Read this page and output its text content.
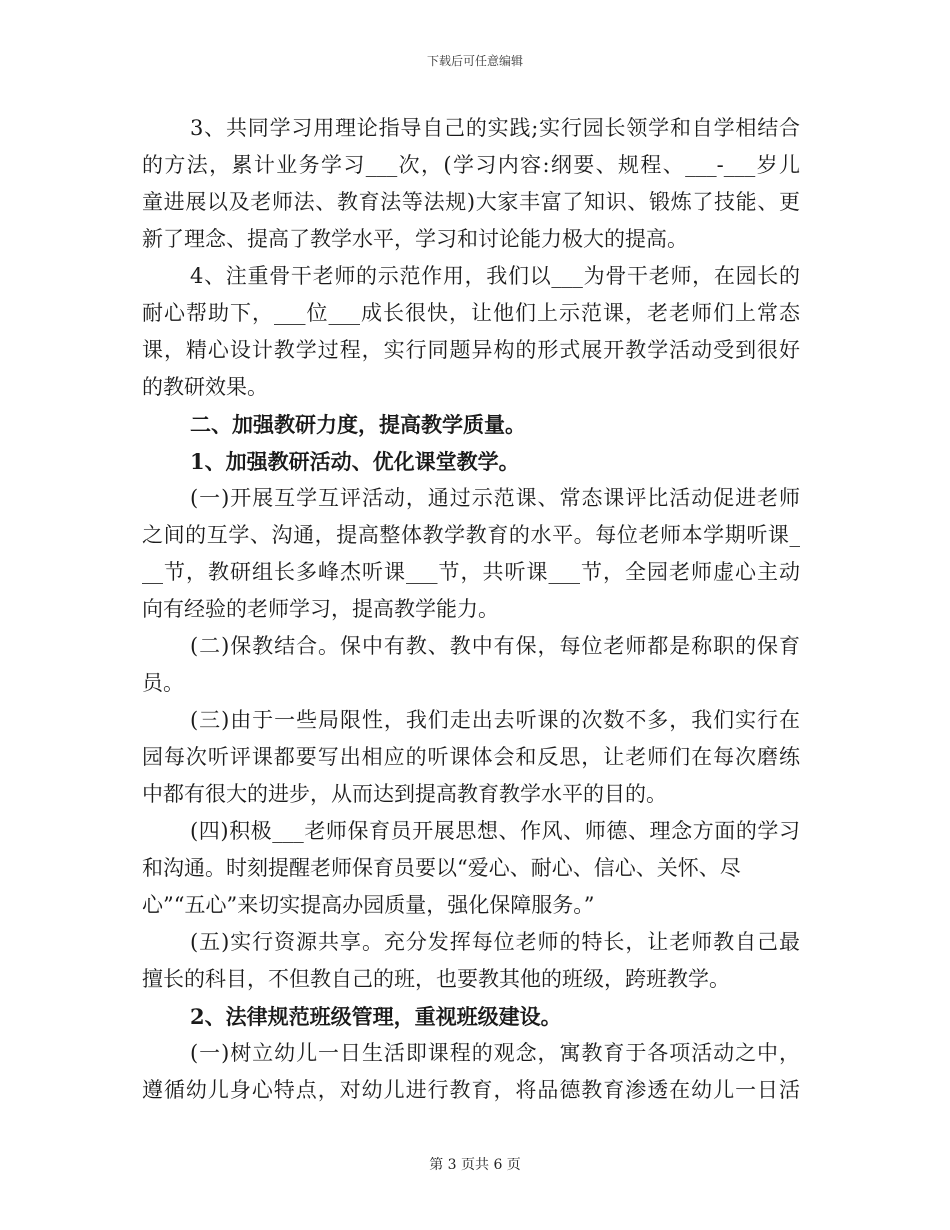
下载后可任意编辑
3、共同学习用理论指导自己的实践;实行园长领学和自学相结合
的方法，累计业务学习___次，(学习内容:纲要、规程、___-___岁儿
童进展以及老师法、教育法等法规)大家丰富了知识、锻炼了技能、更
新了理念、提高了教学水平，学习和讨论能力极大的提高。
4、注重骨干老师的示范作用，我们以___为骨干老师，在园长的
耐心帮助下，___位___成长很快，让他们上示范课，老老师们上常态
课，精心设计教学过程，实行同题异构的形式展开教学活动受到很好
的教研效果。
二、加强教研力度，提高教学质量。
1、加强教研活动、优化课堂教学。
(一)开展互学互评活动，通过示范课、常态课评比活动促进老师
之间的互学、沟通，提高整体教学教育的水平。每位老师本学期听课_
__节，教研组长多峰杰听课___节，共听课___节，全园老师虚心主动
向有经验的老师学习，提高教学能力。
(二)保教结合。保中有教、教中有保，每位老师都是称职的保育
员。
(三)由于一些局限性，我们走出去听课的次数不多，我们实行在
园每次听评课都要写出相应的听课体会和反思，让老师们在每次磨练
中都有很大的进步，从而达到提高教育教学水平的目的。
(四)积极___老师保育员开展思想、作风、师德、理念方面的学习
和沟通。时刻提醒老师保育员要以“爱心、耐心、信心、关怀、尽
心”“五心”来切实提高办园质量，强化保障服务。”
(五)实行资源共享。充分发挥每位老师的特长，让老师教自己最
擅长的科目，不但教自己的班，也要教其他的班级，跨班教学。
2、法律规范班级管理，重视班级建设。
(一)树立幼儿一日生活即课程的观念，寓教育于各项活动之中，
遵循幼儿身心特点，对幼儿进行教育，将品德教育渗透在幼儿一日活
第 3 页共 6 页
